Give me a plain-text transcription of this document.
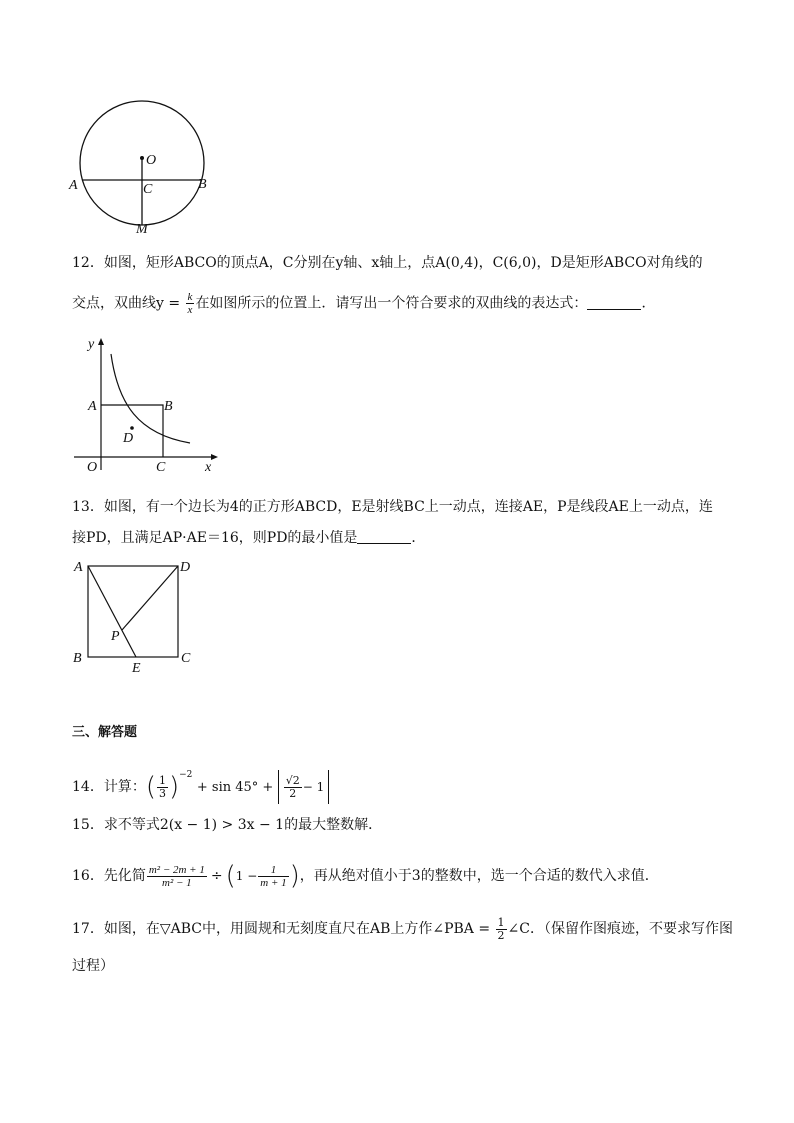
O
A	B
C
M
12．如图，矩形ABCO的顶点A，C分别在y轴、x轴上，点A(0,4)，C(6,0)，D是矩形ABCO对角线的
交点，双曲线$y = \frac{k}{x}$ 在如图所示的位置上．请写出一个符合要求的双曲线的表达式：	．
y
x
O
A	B
C
D
13．如图，有一个边长为4的正方形ABCD，E是射线BC上一动点，连接AE，P是线段AE上一动点，连
接PD，且满足AP·AE＝16，则PD的最小值是	．
A	D
B	C
E
P
三、解答题
14．计算：( $\frac{1}{3} )^{-2} + \sin 45^\circ + \frac{√2}{2} - 1$
15．求不等式2(x − 1) > 3x − 1的最大整数解．
16．先化简 $\frac{\text{m² − 2m + 1}}{\text{m² − 1}} \div (1 - \frac{1}{m + 1}$ )，再从绝对值小于3的整数中，选一个合适的数代入求值．
17．如图，在▽ABC中，用圆规和无刻度直尺在AB上方作∠PBA = $\frac{1}{2}$ ∠C．（保留作图痕迹，不要求写作图
过程）
